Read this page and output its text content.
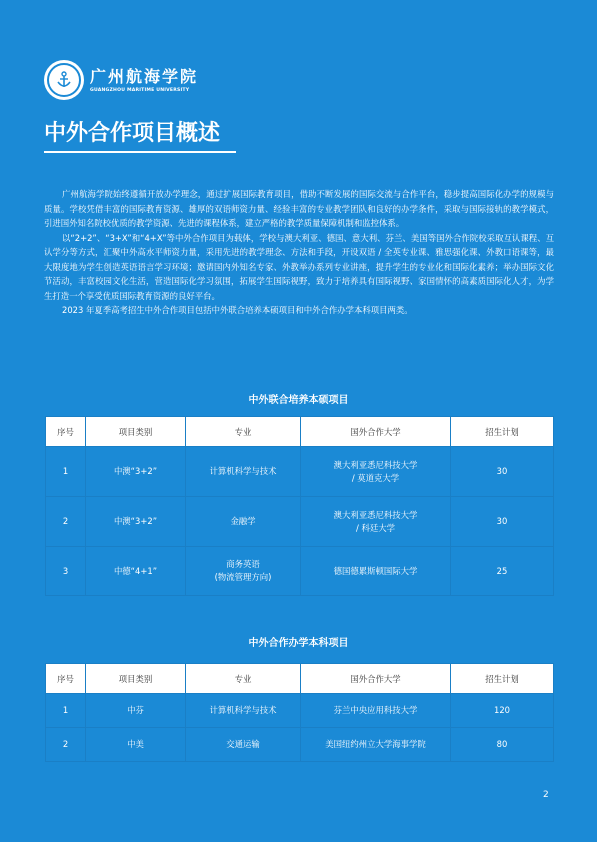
广州航海学院
GUANGZHOU MARITIME UNIVERSITY
中外合作项目概述

广州航海学院始终遵循开放办学理念，通过扩展国际教育项目，借助不断发展的国际交流与合作平台，稳步提高国际化办学的规模与质量。学校凭借丰富的国际教育资源、雄厚的双语师资力量、经验丰富的专业教学团队和良好的办学条件，采取与国际接轨的教学模式，引进国外知名院校优质的教学资源、先进的课程体系，建立严格的教学质量保障机制和监控体系。

以“2+2”、“3+X”和“4+X”等中外合作项目为载体，学校与澳大利亚、德国、意大利、芬兰、美国等国外合作院校采取互认课程、互认学分等方式，汇聚中外高水平师资力量，采用先进的教学理念、方法和手段，开设双语 / 全英专业课、雅思强化课、外教口语课等，最大限度地为学生创造英语语言学习环境；邀请国内外知名专家、外教举办系列专业讲座，提升学生的专业化和国际化素养；举办国际文化节活动，丰富校园文化生活，营造国际化学习氛围，拓展学生国际视野，致力于培养具有国际视野、家国情怀的高素质国际化人才，为学生打造一个享受优质国际教育资源的良好平台。

2023 年夏季高考招生中外合作项目包括中外联合培养本硕项目和中外合作办学本科项目两类。

中外联合培养本硕项目
序号	项目类别	专业	国外合作大学	招生计划
1	中澳“3+2”	计算机科学与技术	澳大利亚悉尼科技大学
/ 莫道克大学	30
2	中澳“3+2”	金融学	澳大利亚悉尼科技大学
/ 科廷大学	30
3	中德“4+1”	商务英语
(物流管理方向)	德国德累斯顿国际大学	25
中外合作办学本科项目
序号	项目类别	专业	国外合作大学	招生计划
1	中芬	计算机科学与技术	芬兰中央应用科技大学	120
2	中美	交通运输	美国纽约州立大学海事学院	80
2
